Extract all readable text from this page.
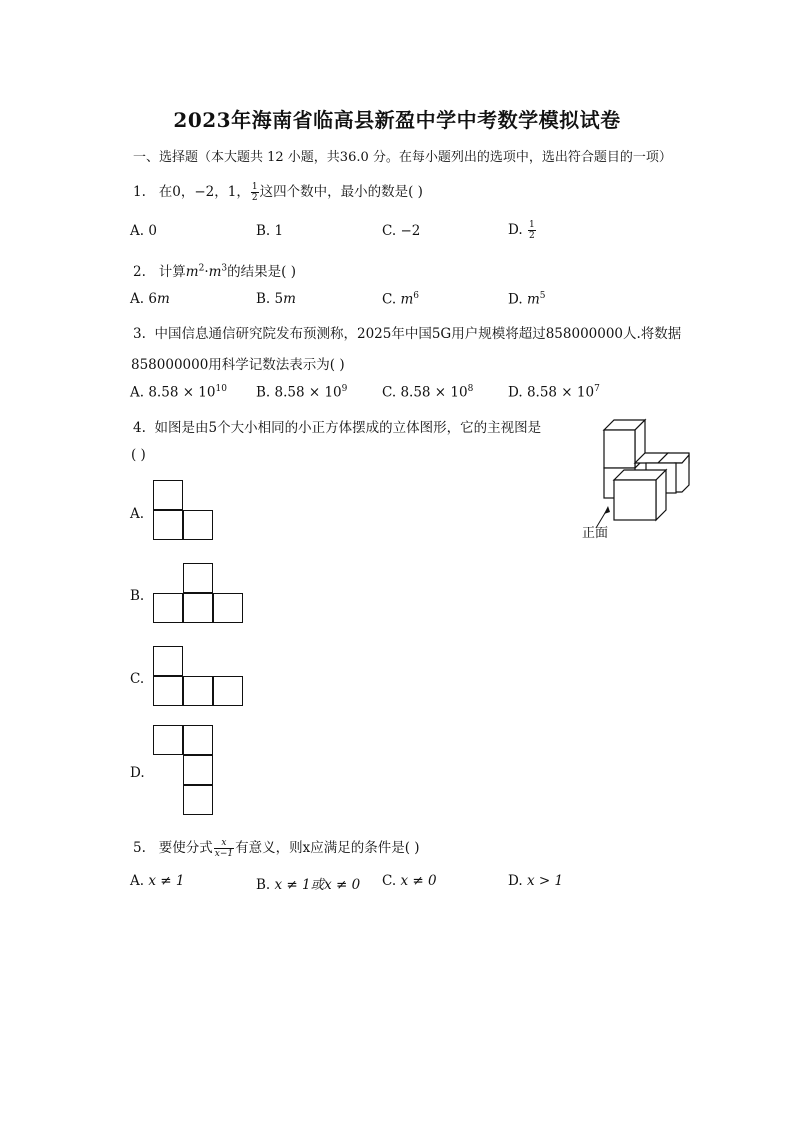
2023年海南省临高县新盈中学中考数学模拟试卷
一、选择题（本大题共 12 小题，共36.0 分。在每小题列出的选项中，选出符合题目的一项）
1. 在0，−2，1， $\frac{1}{2}$ 这四个数中，最小的数是( )
A. 0	B. 1	C. −2	D. $\frac{1}{2}$
2. 计算$m^2\cdot m^3$的结果是( )
A. 6m	B. 5m	C. $m^6$	D. $m^5$
3. 中国信息通信研究院发布预测称，2025年中国5G用户规模将超过858000000人.将数据
858000000用科学记数法表示为( )
A. $8.58 \times 10^{10}$ B. $8.58 \times 10^9$	C. $8.58 \times 10^8$	D. $8.58 \times 10^7$
4. 如图是由5个大小相同的小正方体摆成的立体图形，它的主视图是
( )
正面
A.
B.
C.
D.
5. 要使分式 $\frac{x}{x-1}$ 有意义，则x应满足的条件是( )
A. x ≠ 1	B. x ≠ 1或x ≠ 0 C. x ≠ 0	D. x > 1
